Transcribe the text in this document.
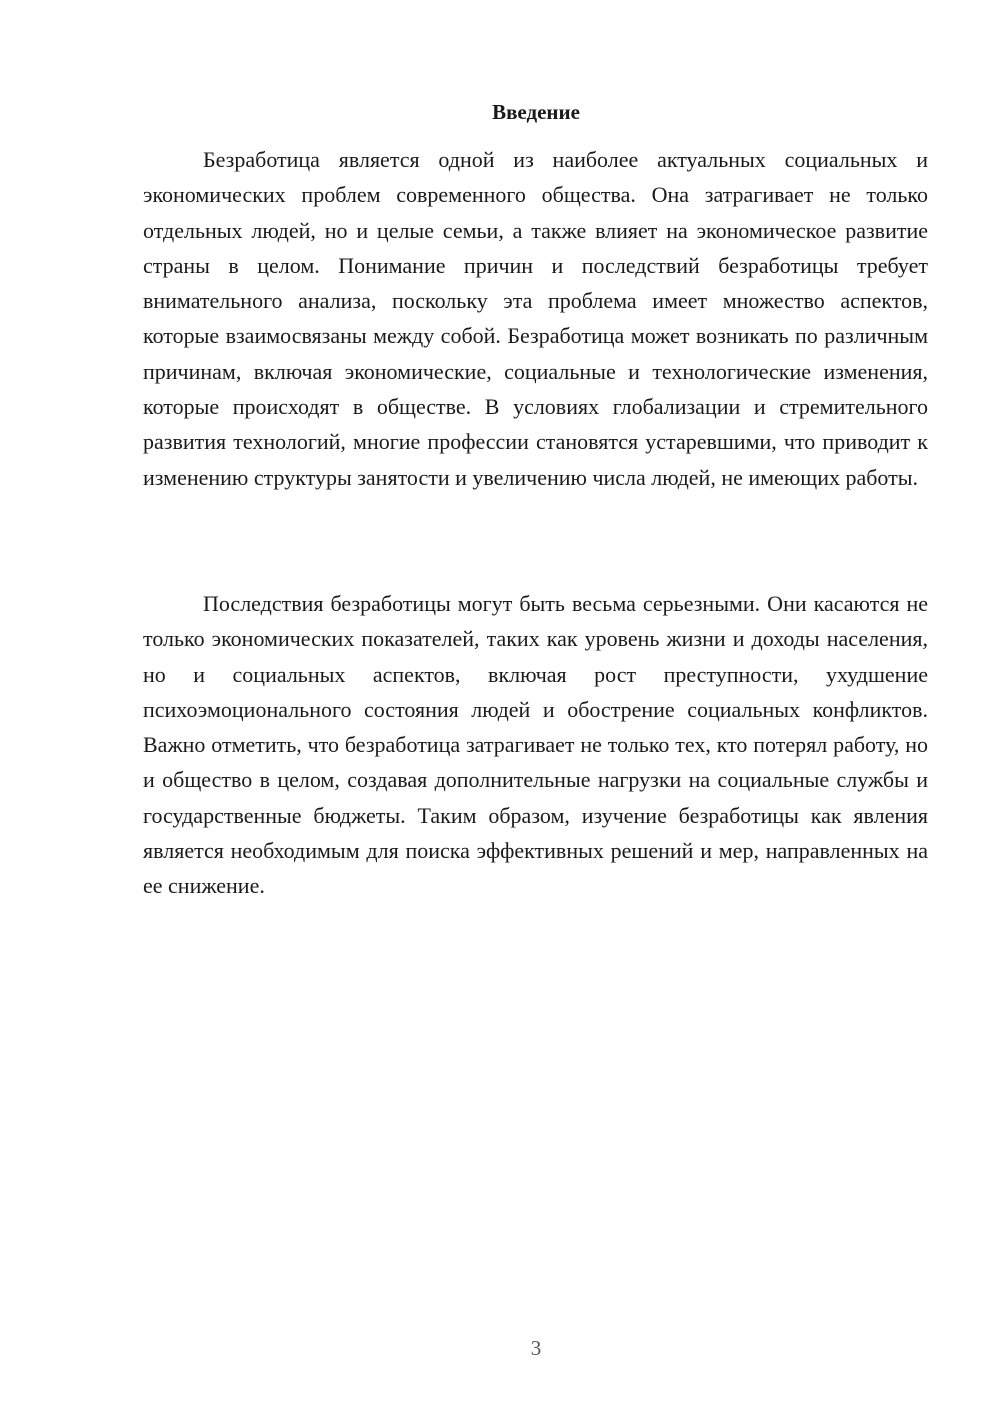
Введение

Безработица является одной из наиболее актуальных социальных и экономических проблем современного общества. Она затрагивает не только отдельных людей, но и целые семьи, а также влияет на экономическое развитие страны в целом. Понимание причин и последствий безработицы требует внимательного анализа, поскольку эта проблема имеет множество аспектов, которые взаимосвязаны между собой. Безработица может возникать по различным причинам, включая экономические, социальные и технологические изменения, которые происходят в обществе. В условиях глобализации и стремительного развития технологий, многие профессии становятся устаревшими, что приводит к изменению структуры занятости и увеличению числа людей, не имеющих работы.

Последствия безработицы могут быть весьма серьезными. Они касаются не только экономических показателей, таких как уровень жизни и доходы населения, но и социальных аспектов, включая рост преступности, ухудшение психоэмоционального состояния людей и обострение социальных конфликтов. Важно отметить, что безработица затрагивает не только тех, кто потерял работу, но и общество в целом, создавая дополнительные нагрузки на социальные службы и государственные бюджеты. Таким образом, изучение безработицы как явления является необходимым для поиска эффективных решений и мер, направленных на ее снижение.

3
